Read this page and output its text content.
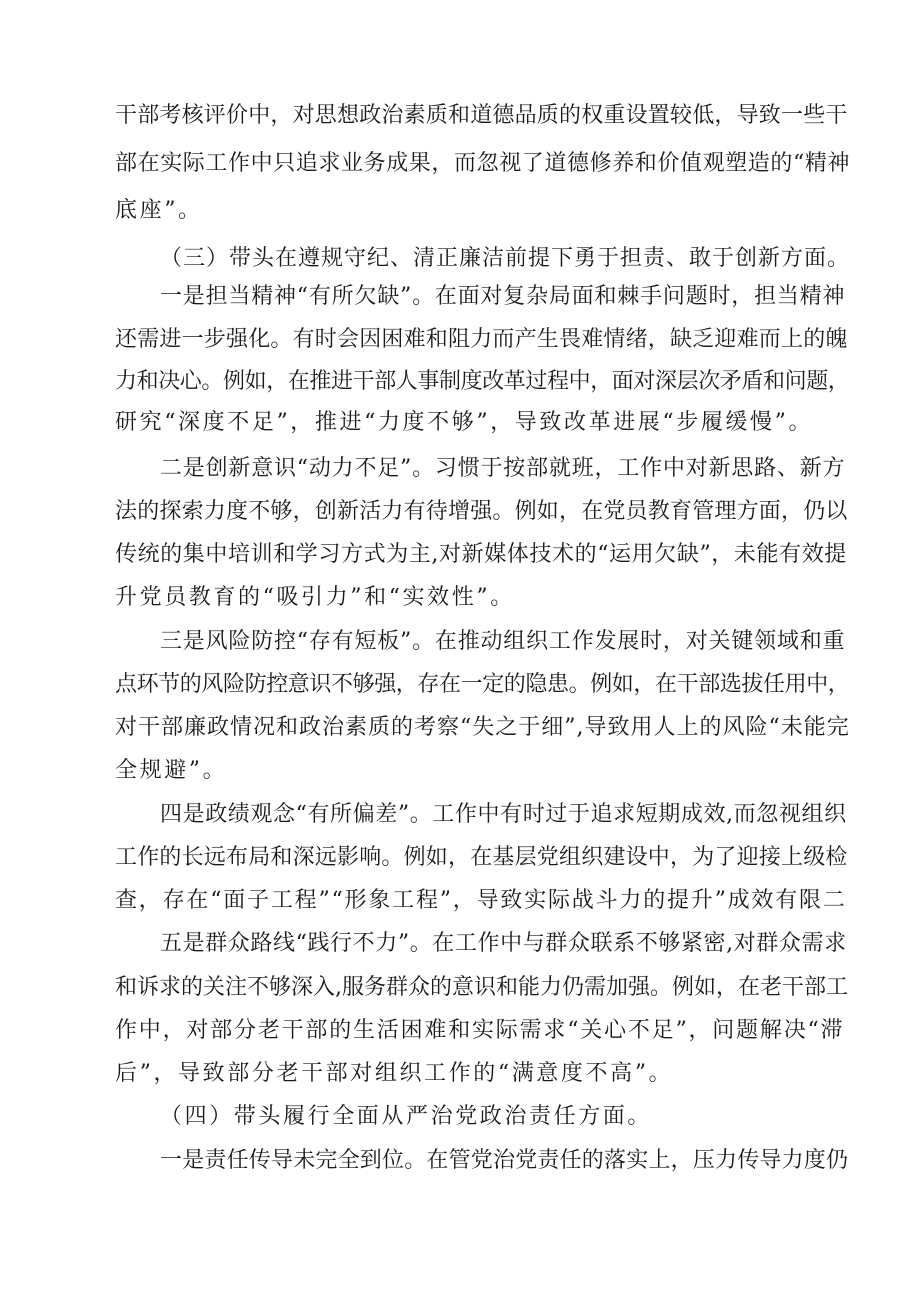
干部考核评价中，对思想政治素质和道德品质的权重设置较低，导致一些干
部在实际工作中只追求业务成果，而忽视了道德修养和价值观塑造的“精神
底座”。
（三）带头在遵规守纪、清正廉洁前提下勇于担责、敢于创新方面。
一是担当精神“有所欠缺”。在面对复杂局面和棘手问题时，担当精神
还需进一步强化。有时会因困难和阻力而产生畏难情绪，缺乏迎难而上的魄
力和决心。例如，在推进干部人事制度改革过程中，面对深层次矛盾和问题，
研究“深度不足”，推进“力度不够”，导致改革进展“步履缓慢”。
二是创新意识“动力不足”。习惯于按部就班，工作中对新思路、新方
法的探索力度不够，创新活力有待增强。例如，在党员教育管理方面，仍以
传统的集中培训和学习方式为主,对新媒体技术的“运用欠缺”，未能有效提
升党员教育的“吸引力”和“实效性”。
三是风险防控“存有短板”。在推动组织工作发展时，对关键领域和重
点环节的风险防控意识不够强，存在一定的隐患。例如，在干部选拔任用中，
对干部廉政情况和政治素质的考察“失之于细”,导致用人上的风险“未能完
全规避”。
四是政绩观念“有所偏差”。工作中有时过于追求短期成效,而忽视组织
工作的长远布局和深远影响。例如，在基层党组织建设中，为了迎接上级检
查，存在“面子工程”“形象工程”，导致实际战斗力的提升”成效有限二
五是群众路线“践行不力”。在工作中与群众联系不够紧密,对群众需求
和诉求的关注不够深入,服务群众的意识和能力仍需加强。例如，在老干部工
作中，对部分老干部的生活困难和实际需求“关心不足”，问题解决“滞
后”，导致部分老干部对组织工作的“满意度不高”。
（四）带头履行全面从严治党政治责任方面。
一是责任传导未完全到位。在管党治党责任的落实上，压力传导力度仍
